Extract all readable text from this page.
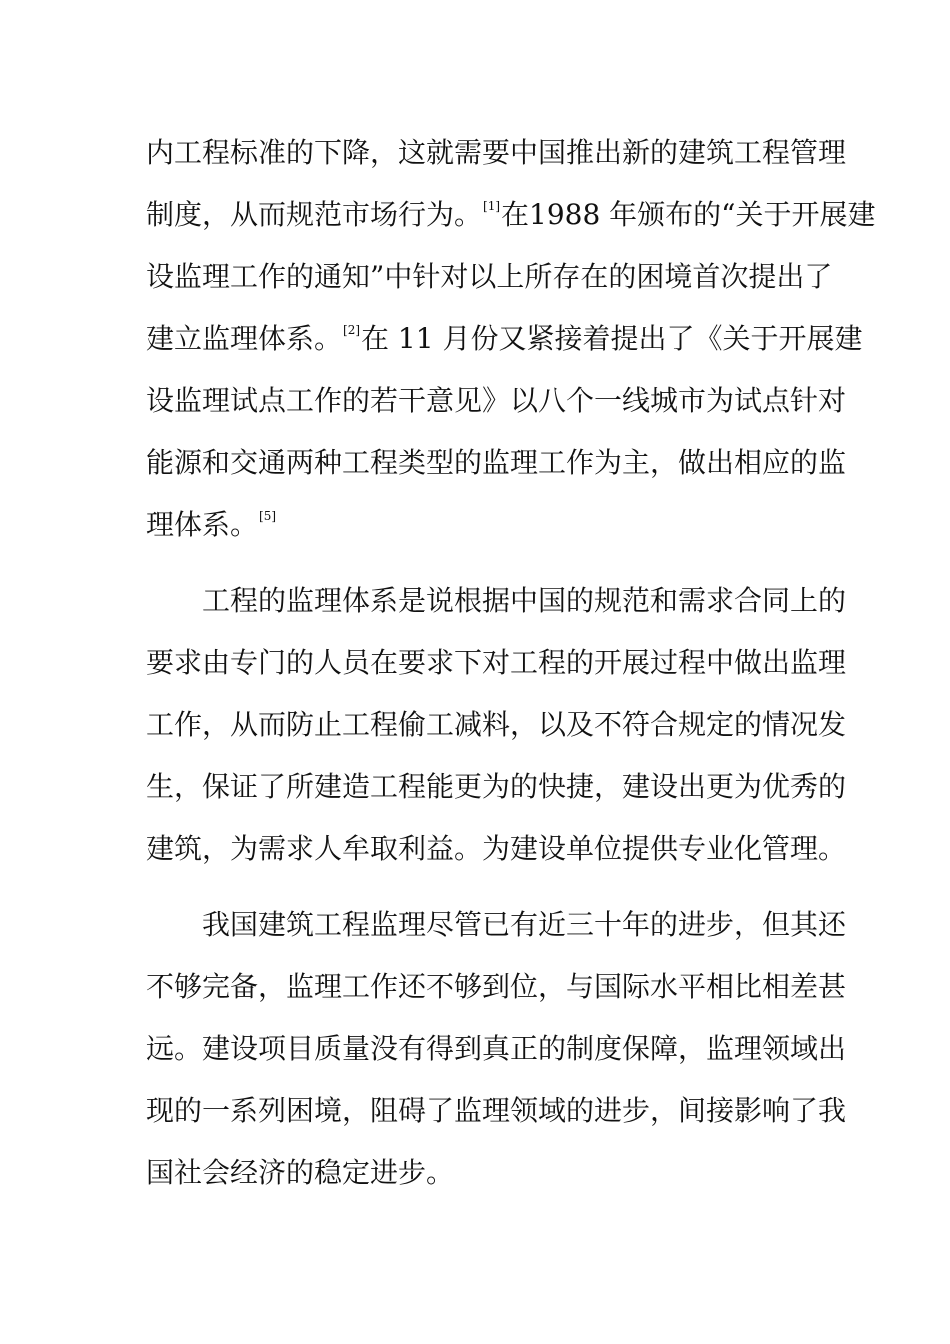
内工程标准的下降，这就需要中国推出新的建筑工程管理
制度，从而规范市场行为。[1]在1988 年颁布的“关于开展建
设监理工作的通知”中针对以上所存在的困境首次提出了
建立监理体系。[2]在 11 月份又紧接着提出了《关于开展建
设监理试点工作的若干意见》以八个一线城市为试点针对
能源和交通两种工程类型的监理工作为主，做出相应的监
理体系。[5]
工程的监理体系是说根据中国的规范和需求合同上的
要求由专门的人员在要求下对工程的开展过程中做出监理
工作，从而防止工程偷工减料，以及不符合规定的情况发
生，保证了所建造工程能更为的快捷，建设出更为优秀的
建筑，为需求人牟取利益。为建设单位提供专业化管理。
我国建筑工程监理尽管已有近三十年的进步，但其还
不够完备，监理工作还不够到位，与国际水平相比相差甚
远。建设项目质量没有得到真正的制度保障，监理领域出
现的一系列困境，阻碍了监理领域的进步，间接影响了我
国社会经济的稳定进步。
